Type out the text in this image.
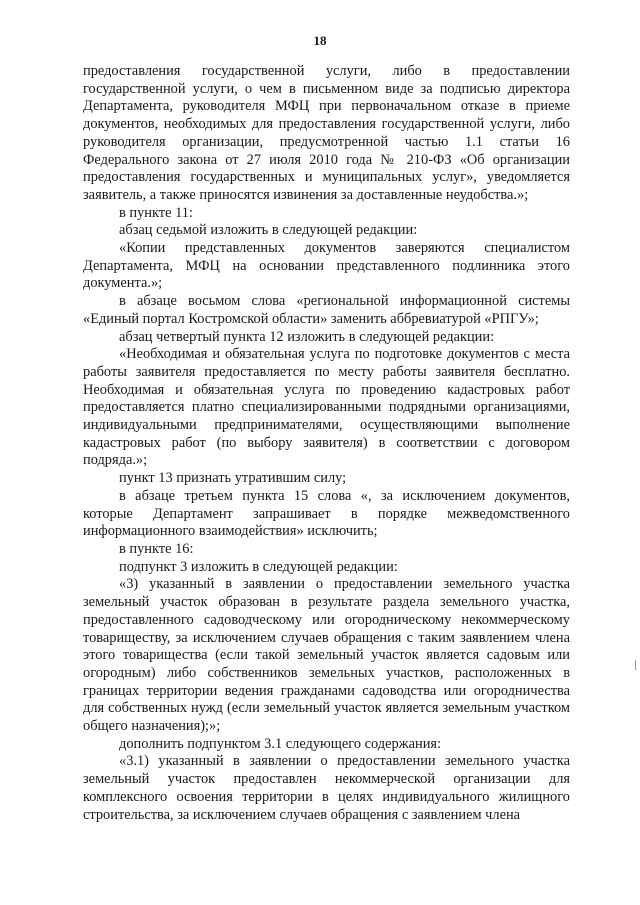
18

предоставления государственной услуги, либо в предоставлении государственной услуги, о чем в письменном виде за подписью директора Департамента, руководителя МФЦ при первоначальном отказе в приеме документов, необходимых для предоставления государственной услуги, либо руководителя организации, предусмотренной частью 1.1 статьи 16 Федерального закона от 27 июля 2010 года № 210-ФЗ «Об организации предоставления государственных и муниципальных услуг», уведомляется заявитель, а также приносятся извинения за доставленные неудобства.»;

в пункте 11:

абзац седьмой изложить в следующей редакции:

«Копии представленных документов заверяются специалистом Департамента, МФЦ на основании представленного подлинника этого документа.»;

в абзаце восьмом слова «региональной информационной системы «Единый портал Костромской области» заменить аббревиатурой «РПГУ»;

абзац четвертый пункта 12 изложить в следующей редакции:

«Необходимая и обязательная услуга по подготовке документов с места работы заявителя предоставляется по месту работы заявителя бесплатно. Необходимая и обязательная услуга по проведению кадастровых работ предоставляется платно специализированными подрядными организациями, индивидуальными предпринимателями, осуществляющими выполнение кадастровых работ (по выбору заявителя) в соответствии с договором подряда.»;

пункт 13 признать утратившим силу;

в абзаце третьем пункта 15 слова «, за исключением документов, которые Департамент запрашивает в порядке межведомственного информационного взаимодействия» исключить;

в пункте 16:

подпункт 3 изложить в следующей редакции:

«3) указанный в заявлении о предоставлении земельного участка земельный участок образован в результате раздела земельного участка, предоставленного садоводческому или огородническому некоммерческому товариществу, за исключением случаев обращения с таким заявлением члена этого товарищества (если такой земельный участок является садовым или огородным) либо собственников земельных участков, расположенных в границах территории ведения гражданами садоводства или огородничества для собственных нужд (если земельный участок является земельным участком общего назначения);»;

дополнить подпунктом 3.1 следующего содержания:

«3.1) указанный в заявлении о предоставлении земельного участка земельный участок предоставлен некоммерческой организации для комплексного освоения территории в целях индивидуального жилищного строительства, за исключением случаев обращения с заявлением члена
